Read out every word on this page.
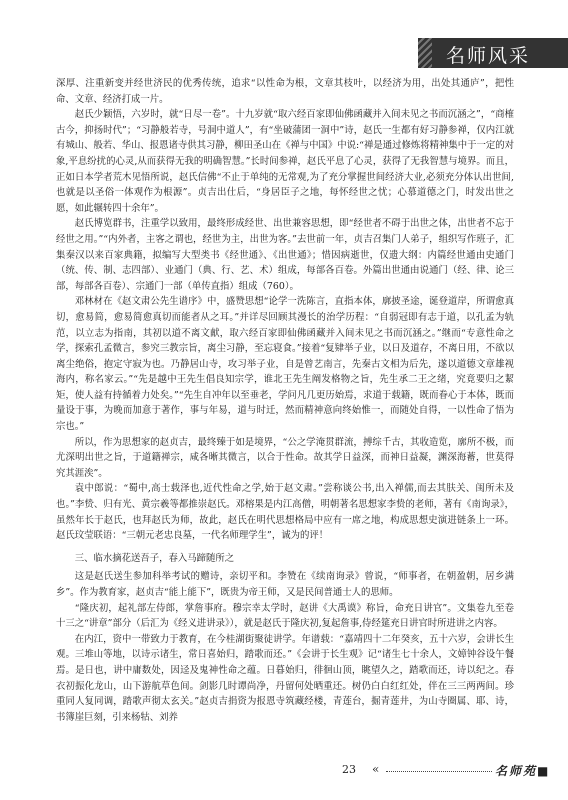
名师风采

深厚、注重新变并经世济民的优秀传统，追求“以性命为根，文章其枝叶，以经济为用，出处其通庐”，把性命、文章、经济打成一片。

赵氏少颖悟，六岁时，就“日尽一卷”。十九岁就“取六经百家即仙佛函藏并入间未见之书而沉涵之”，“商榷古今，抑扬时代”；“习静般若寺，号洞中道人”，有“坐破蒲团一洞中”诗，赵氏一生都有好习静参禅，仅内江就有城山、般若、华山、报恩诸寺供其习静，柳田圣山在《禅与中国》中说:“禅是通过修炼将精神集中于一定的对象,平息纷扰的心灵,从而获得无我的明确智慧。”长时间参禅，赵氏平息了心灵，获得了无我智慧与境界。而且，正如日本学者荒木见悟所说，赵氏信佛“不止于单纯的无常观,为了充分掌握世间经济大业,必须充分体认出世间,也就是以圣俗一体观作为根源”。贞吉出仕后，“身居臣子之地，每怀经世之忧；心慕道德之门，时发出世之愿，如此辗转四十余年”。

赵氏博览群书，注重学以致用，最终形成经世、出世兼容思想，即“经世者不碍于出世之体，出世者不忘于经世之用。”“内外者，主客之谓也，经世为主，出世为客。”去世前一年，贞吉召集门人弟子，组织写作班子，汇集秦汉以来百家典籍，拟编写大型类书《经世通》、《出世通》；惜因病逝世，仅遗大纲：内篇经世通由史通门（统、传、制、志四部）、业通门（典、行、艺、术）组成，每部各百卷。外篇出世通由说通门（经、律、论三部，每部各百卷）、宗通门一部（单传直指）组成（760）。

邓林材在《赵文肃公先生谱序》中，盛赞思想“论学一洗陈言，直指本体，廓披圣途，诞登道岸，所谓愈真切，愈易简，愈易简愈真切而能者从之耳。”并详尽回顾其漫长的治学历程：“自弱冠即有志于道，以孔孟为轨范，以立志为指南，其初以道不离文献，取六经百家即仙佛函藏并入间未见之书而沉涵之。”继而“专意性命之学，探索孔孟微言，参究三教宗旨，离尘习静，至忘寝食。”接着“复肄举子业，以日及道存，不离日用，不欲以离尘绝俗，抱定守寂为也。乃静居山寺，攻习举子业，自是曾艺南言，先秦古文相为后先，遂以道德文章雄视海内，称名家云。”“先是越中王先生倡良知宗学，谁北王先生阐发格物之旨，先生承二王之绪，究竟要归之絜矩，使人益有持循着力处矣。”“先生自冲年以至垂老，学问凡几更历始焉，求道于载籍，既而眷心于本体，既而量设于事，为晚而加意于著作，事与年易，道与时迁，然而精神意向终始惟一，而随处自得，一以性命了悟为宗也。”

所以，作为思想家的赵贞吉，最终臻于如是境界，“公之学淹贯群流，搏综千古，其收造览，廓所不极，而尤深明出世之旨，于道籍禅宗，咸各晰其微言，以合于性命。故其学日益深，而神日益凝，渊深海蓄，世莫得究其涯涘”。

袁中郎说：“蜀中,高士载泽也,近代性命之学,始于赵文肃。”尝称谈公书,出入禅儒,而去其肤关、闺所未及也。”李贽、归有光、黄宗羲等都推崇赵氏。邓榕果是内江高僧，明朝著名思想家李贽的老师，著有《南询录》，虽然年长于赵氏，也拜赵氏为师，故此，赵氏在明代思想格局中应有一席之地，构成思想史演进链条上一环。赵氏玟莹联语：“三朝元老忠良墓，一代名师理学生”，诚为的评！

三、临水摘花送吾子，春入马蹄随所之

这是赵氏送生参加科举考试的赠诗，亲切平和。李赞在《续南询录》曾说，“师事者，在朝盈朝，居乡满乡”。作为教育家，赵贞吉“能上能下”，既贵为帝王师，又是民间普通士人的思师。

“隆庆初，起礼部左侍郎，掌詹事府。穆宗幸太学时，赵讲《大禹谟》称旨，命充日讲官”。文集卷九至卷十三之“讲章”部分（后汇为《经义进讲录》），就是赵氏于隆庆初,复起詹事,侍经筵充日讲官时所进讲之内容。

在内江，资中一带致力于教育，在今桂湖街聚徒讲学。年谱载：“嘉靖四十二年癸亥，五十六岁，会讲长生观。三堆山等地，以诗示诸生，常日喜始归，踏歌而还。”《会讲于长生观》记“诸生七十余人，文嫜钟谷设午餐焉。是日也，讲中庸数处，因迳及鬼神性命之蕴。日暮始归，徘徊山顶，眺望久之，踏歌而还，诗以纪之。春衣初振化龙山，山下游航草色间。剑影几时谭尚净，丹留何处晒重还。树仍白白红红处，伴在三三两两间。珍重同人复同调，踏歌声彻太玄关。”赵贞吉捐资为报恩寺筑藏经楼，青莲台，掘青莲井，为山寺圈属、耶、诗，书簿崖巨刻，引来杨牯、刘养

23 «	名师苑■
